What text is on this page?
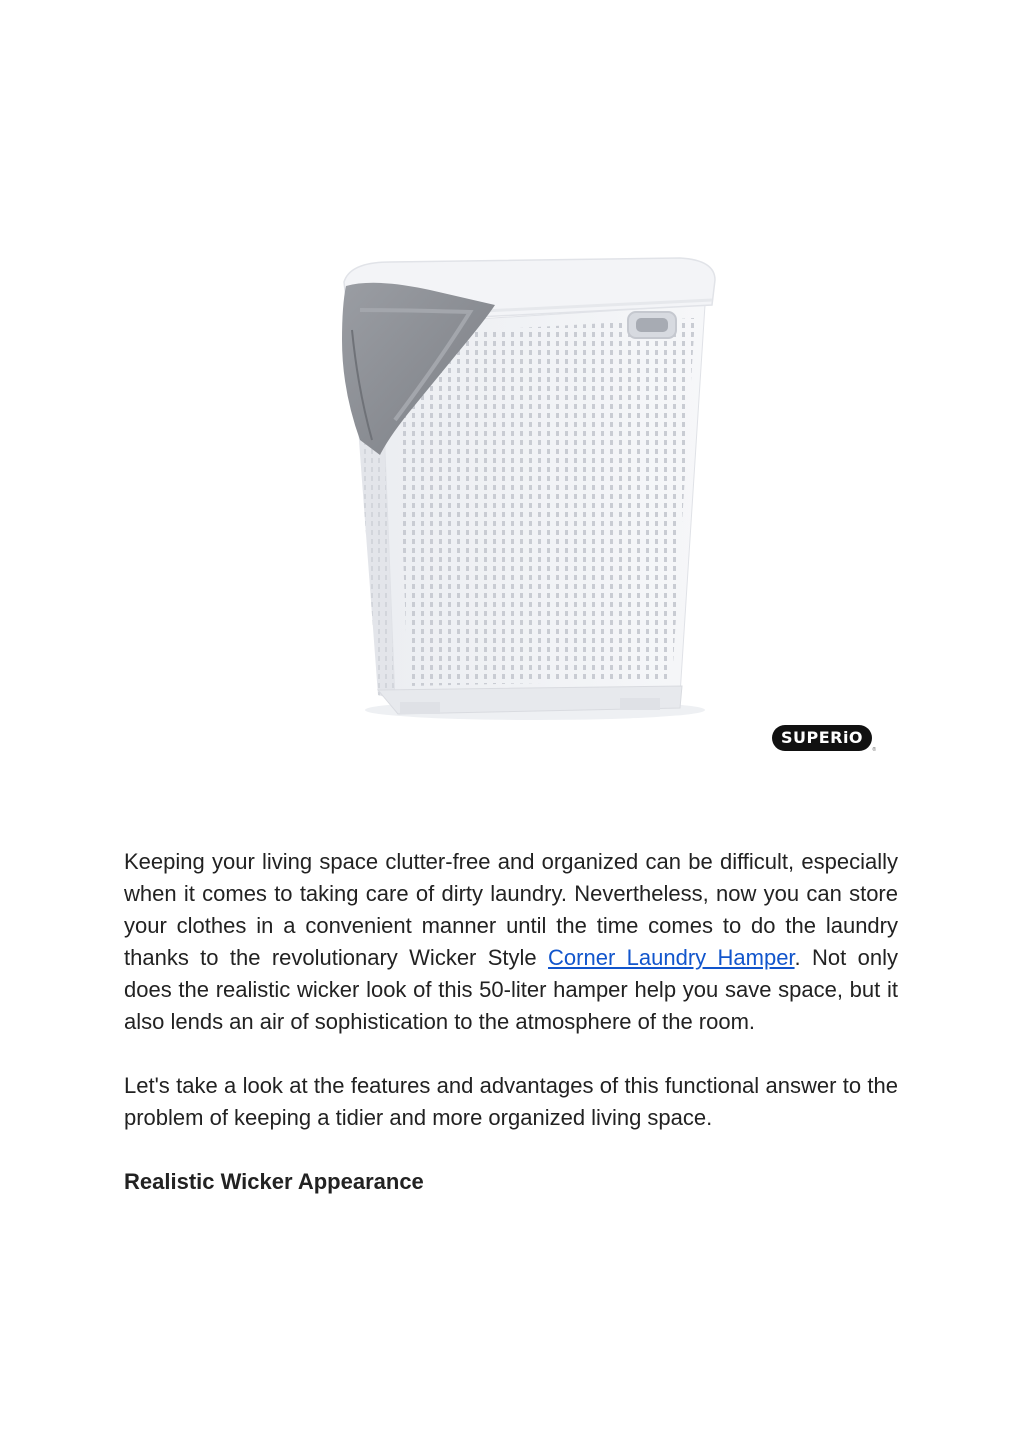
SUPERiO
®

Keeping your living space clutter-free and organized can be difficult, especially when it comes to taking care of dirty laundry. Nevertheless, now you can store your clothes in a convenient manner until the time comes to do the laundry thanks to the revolutionary Wicker Style Corner Laundry Hamper. Not only does the realistic wicker look of this 50-liter hamper help you save space, but it also lends an air of sophistication to the atmosphere of the room.

Let's take a look at the features and advantages of this functional answer to the problem of keeping a tidier and more organized living space.

Realistic Wicker Appearance
